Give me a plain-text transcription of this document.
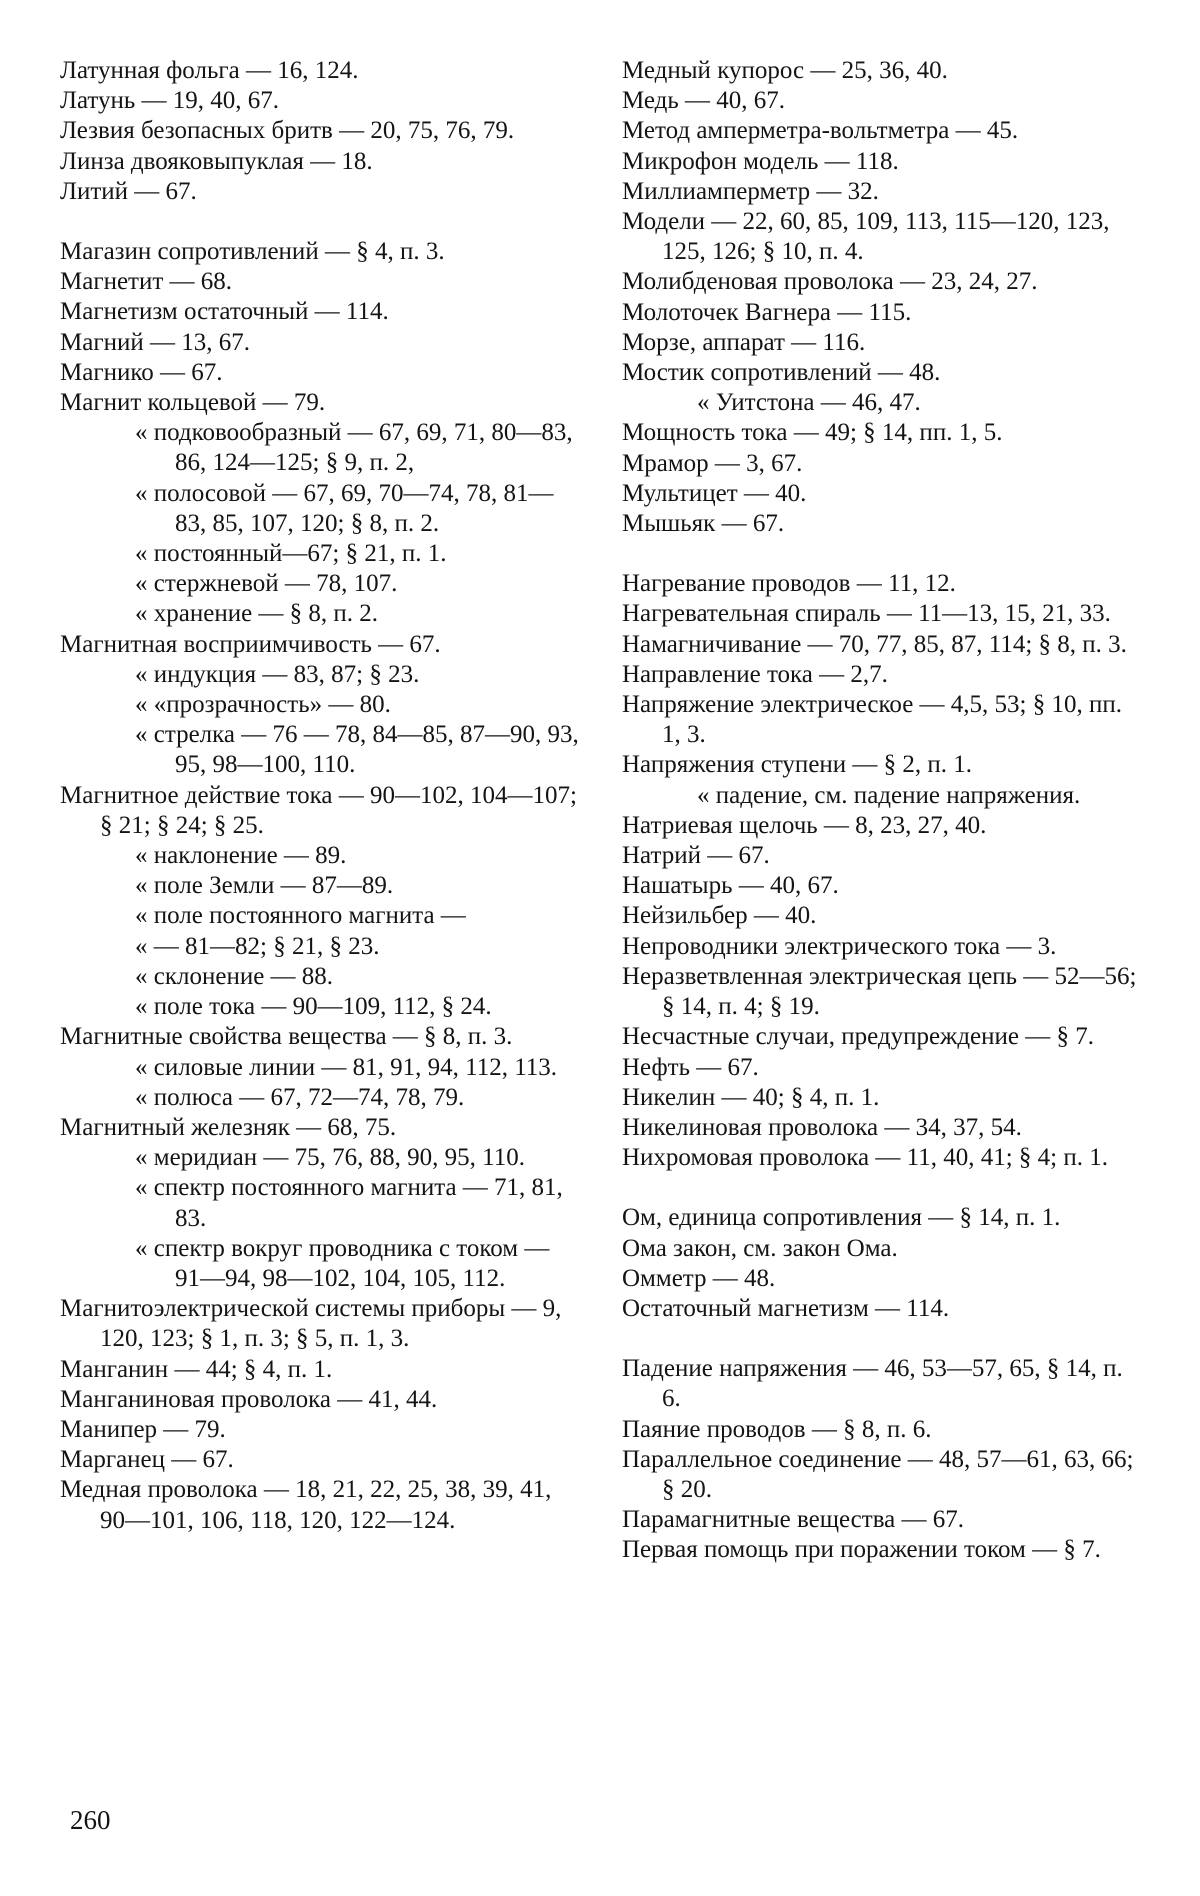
Латунная фольга — 16, 124.
Латунь — 19, 40, 67.
Лезвия безопасных бритв — 20, 75, 76, 79.
Линза двояковыпуклая — 18.
Литий — 67.
Магазин сопротивлений — § 4, п. 3.
Магнетит — 68.
Магнетизм остаточный — 114.
Магний — 13, 67.
Магнико — 67.
Магнит кольцевой — 79.
« подковообразный — 67, 69, 71, 80—83, 86, 124—125; § 9, п. 2,
« полосовой — 67, 69, 70—74, 78, 81—83, 85, 107, 120; § 8, п. 2.
« постоянный—67; § 21, п. 1.
« стержневой — 78, 107.
« хранение — § 8, п. 2.
Магнитная восприимчивость — 67.
« индукция — 83, 87; § 23.
« «прозрачность» — 80.
« стрелка — 76 — 78, 84—85, 87—90, 93, 95, 98—100, 110.
Магнитное действие тока — 90—102, 104—107; § 21; § 24; § 25.
« наклонение — 89.
« поле Земли — 87—89.
« поле постоянного магнита —
« — 81—82; § 21, § 23.
« склонение — 88.
« поле тока — 90—109, 112, § 24.
Магнитные свойства вещества — § 8, п. 3.
« силовые линии — 81, 91, 94, 112, 113.
« полюса — 67, 72—74, 78, 79.
Магнитный железняк — 68, 75.
« меридиан — 75, 76, 88, 90, 95, 110.
« спектр постоянного магнита — 71, 81, 83.
« спектр вокруг проводника с током — 91—94, 98—102, 104, 105, 112.
Магнитоэлектрической системы приборы — 9, 120, 123; § 1, п. 3; § 5, п. 1, 3.
Манганин — 44; § 4, п. 1.
Манганиновая проволока — 41, 44.
Манипер — 79.
Марганец — 67.
Медная проволока — 18, 21, 22, 25, 38, 39, 41, 90—101, 106, 118, 120, 122—124.
Медный купорос — 25, 36, 40.
Медь — 40, 67.
Метод амперметра-вольтметра — 45.
Микрофон модель — 118.
Миллиамперметр — 32.
Модели — 22, 60, 85, 109, 113, 115—120, 123, 125, 126; § 10, п. 4.
Молибденовая проволока — 23, 24, 27.
Молоточек Вагнера — 115.
Морзе, аппарат — 116.
Мостик сопротивлений — 48.
« Уитстона — 46, 47.
Мощность тока — 49; § 14, пп. 1, 5.
Мрамор — 3, 67.
Мультицет — 40.
Мышьяк — 67.
Нагревание проводов — 11, 12.
Нагревательная спираль — 11—13, 15, 21, 33.
Намагничивание — 70, 77, 85, 87, 114; § 8, п. 3.
Направление тока — 2,7.
Напряжение электрическое — 4,5, 53; § 10, пп. 1, 3.
Напряжения ступени — § 2, п. 1.
« падение, см. падение напряжения.
Натриевая щелочь — 8, 23, 27, 40.
Натрий — 67.
Нашатырь — 40, 67.
Нейзильбер — 40.
Непроводники электрического тока — 3.
Неразветвленная электрическая цепь — 52—56; § 14, п. 4; § 19.
Несчастные случаи, предупреждение — § 7.
Нефть — 67.
Никелин — 40; § 4, п. 1.
Никелиновая проволока — 34, 37, 54.
Нихромовая проволока — 11, 40, 41; § 4; п. 1.
Ом, единица сопротивления — § 14, п. 1.
Ома закон, см. закон Ома.
Омметр — 48.
Остаточный магнетизм — 114.
Падение напряжения — 46, 53—57, 65, § 14, п. 6.
Паяние проводов — § 8, п. 6.
Параллельное соединение — 48, 57—61, 63, 66; § 20.
Парамагнитные вещества — 67.
Первая помощь при поражении током — § 7.
260
